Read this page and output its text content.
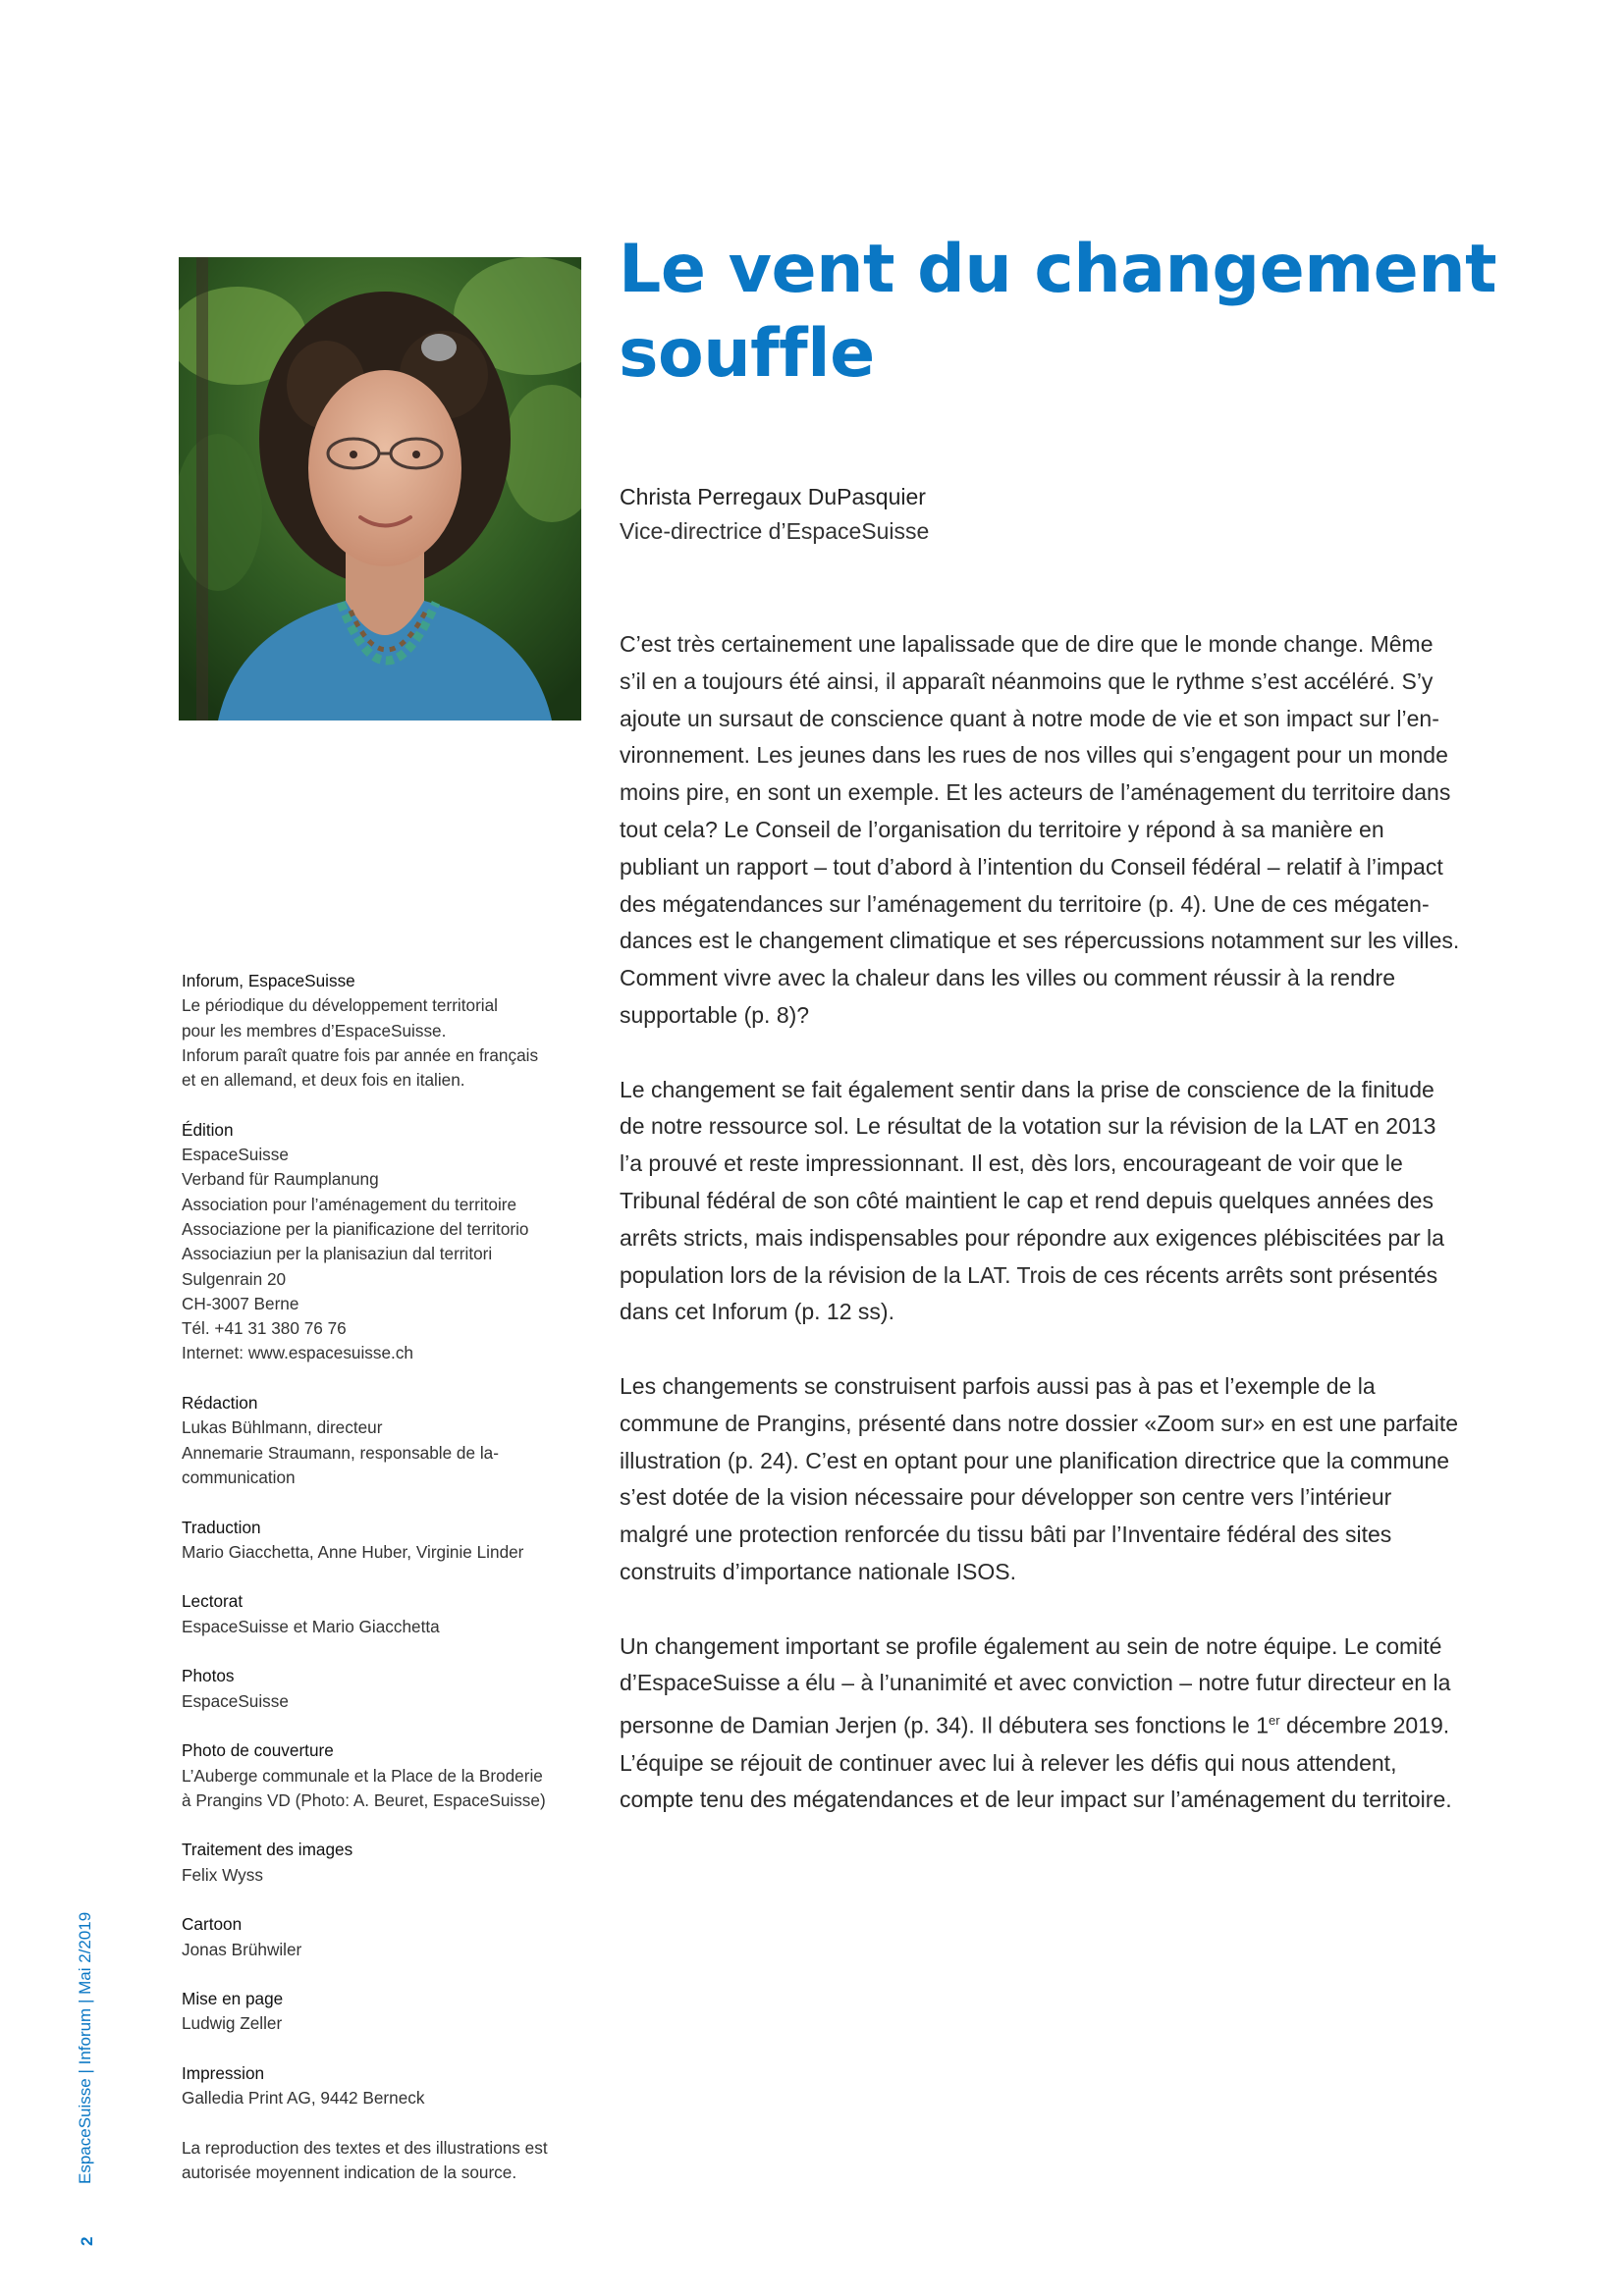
Le vent du changement
souffle
Christa Perregaux DuPasquier
Vice-directrice d’EspaceSuisse

C’est très certainement une lapalissade que de dire que le monde change. Même s’il en a toujours été ainsi, il apparaît néanmoins que le rythme s’est accéléré. S’y ajoute un sursaut de conscience quant à notre mode de vie et son impact sur l’environnement. Les jeunes dans les rues de nos villes qui s’engagent pour un monde moins pire, en sont un exemple. Et les acteurs de l’aménagement du territoire dans tout cela? Le Conseil de l’organisation du territoire y répond à sa manière en publiant un rapport – tout d’abord à l’intention du Conseil fédéral – relatif à l’impact des mégatendances sur l’aménagement du territoire (p. 4). Une de ces mégatendances est le changement climatique et ses répercussions notamment sur les villes. Comment vivre avec la chaleur dans les villes ou comment réussir à la rendre supportable (p. 8)?

Le changement se fait également sentir dans la prise de conscience de la finitude de notre ressource sol. Le résultat de la votation sur la révision de la LAT en 2013 l’a prouvé et reste impressionnant. Il est, dès lors, encourageant de voir que le Tribunal fédéral de son côté maintient le cap et rend depuis quelques années des arrêts stricts, mais indispensables pour répondre aux exigences plébiscitées par la population lors de la révision de la LAT. Trois de ces récents arrêts sont présentés dans cet Inforum (p. 12 ss).

Les changements se construisent parfois aussi pas à pas et l’exemple de la commune de Prangins, présenté dans notre dossier «Zoom sur» en est une parfaite illustration (p. 24). C’est en optant pour une planification directrice que la commune s’est dotée de la vision nécessaire pour développer son centre vers l’intérieur malgré une protection renforcée du tissu bâti par l’Inventaire fédéral des sites construits d’importance nationale ISOS.

Un changement important se profile également au sein de notre équipe. Le comité d’EspaceSuisse a élu – à l’unanimité et avec conviction – notre futur directeur en la personne de Damian Jerjen (p. 34). Il débutera ses fonctions le 1er décembre 2019. L’équipe se réjouit de continuer avec lui à relever les défis qui nous attendent, compte tenu des mégatendances et de leur impact sur l’aménagement du territoire.

Inforum, EspaceSuisse
Le périodique du développement territorial
pour les membres d’EspaceSuisse.
Inforum paraît quatre fois par année en français
et en allemand, et deux fois en italien.
Édition
EspaceSuisse
Verband für Raumplanung
Association pour l’aménagement du territoire
Associazione per la pianificazione del territorio
Associaziun per la planisaziun dal territori
Sulgenrain 20
CH-3007 Berne
Tél. +41 31 380 76 76
Internet: www.espacesuisse.ch
Rédaction
Lukas Bühlmann, directeur
Annemarie Straumann, responsable de la-
communication
Traduction
Mario Giacchetta, Anne Huber, Virginie Linder
Lectorat
EspaceSuisse et Mario Giacchetta
Photos
EspaceSuisse
Photo de couverture
L’Auberge communale et la Place de la Broderie
à Prangins VD (Photo: A. Beuret, EspaceSuisse)
Traitement des images
Felix Wyss
Cartoon
Jonas Brühwiler
Mise en page
Ludwig Zeller
Impression
Galledia Print AG, 9442 Berneck
La reproduction des textes et des illustrations est
autorisée moyennent indication de la source.
EspaceSuisse | Inforum | Mai 2/2019
2
